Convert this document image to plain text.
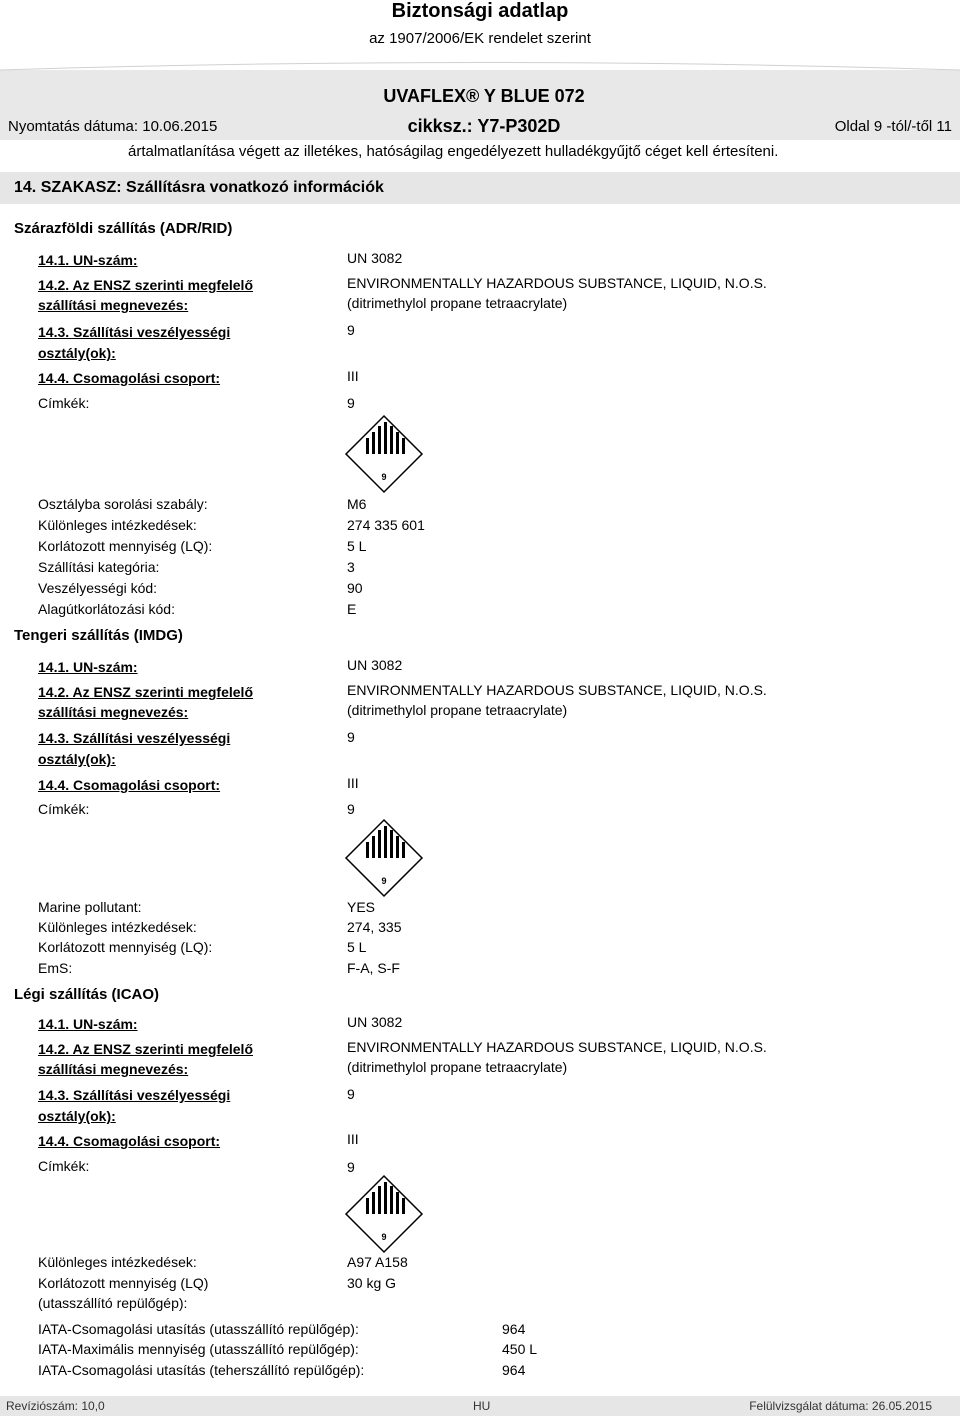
Biztonsági adatlap
az 1907/2006/EK rendelet szerint
UVAFLEX® Y BLUE 072
Nyomtatás dátuma: 10.06.2015	cikksz.: Y7-P302D	Oldal 9 -tól/-től 11
ártalmatlanítása végett az illetékes, hatóságilag engedélyezett hulladékgyűjtő céget kell értesíteni.
14. SZAKASZ: Szállításra vonatkozó információk
Szárazföldi szállítás (ADR/RID)
14.1. UN-szám:	UN 3082
14.2. Az ENSZ szerinti megfelelő
szállítási megnevezés:
ENVIRONMENTALLY HAZARDOUS SUBSTANCE, LIQUID, N.O.S.
(ditrimethylol propane tetraacrylate)
14.3. Szállítási veszélyességi
osztály(ok):
9
14.4. Csomagolási csoport:	III
Címkék:	9
9
Osztályba sorolási szabály:	M6
Különleges intézkedések:	274 335 601
Korlátozott mennyiség (LQ):	5 L
Szállítási kategória:	3
Veszélyességi kód:	90
Alagútkorlátozási kód:	E
Tengeri szállítás (IMDG)
14.1. UN-szám:	UN 3082
14.2. Az ENSZ szerinti megfelelő
szállítási megnevezés:
ENVIRONMENTALLY HAZARDOUS SUBSTANCE, LIQUID, N.O.S.
(ditrimethylol propane tetraacrylate)
14.3. Szállítási veszélyességi
osztály(ok):
9
14.4. Csomagolási csoport:	III
Címkék:	9
9
Marine pollutant:	YES
Különleges intézkedések:	274, 335
Korlátozott mennyiség (LQ):	5 L
EmS:	F-A, S-F
Légi szállítás (ICAO)
14.1. UN-szám:	UN 3082
14.2. Az ENSZ szerinti megfelelő
szállítási megnevezés:
ENVIRONMENTALLY HAZARDOUS SUBSTANCE, LIQUID, N.O.S.
(ditrimethylol propane tetraacrylate)
14.3. Szállítási veszélyességi
osztály(ok):
9
14.4. Csomagolási csoport:	III
Címkék:	9
9
Különleges intézkedések:	A97 A158
Korlátozott mennyiség (LQ)
(utasszállító repülőgép):
30 kg G
IATA-Csomagolási utasítás (utasszállító repülőgép):	964
IATA-Maximális mennyiség (utasszállító repülőgép):	450 L
IATA-Csomagolási utasítás (teherszállító repülőgép):	964
Revíziószám: 10,0	HU	Felülvizsgálat dátuma: 26.05.2015
